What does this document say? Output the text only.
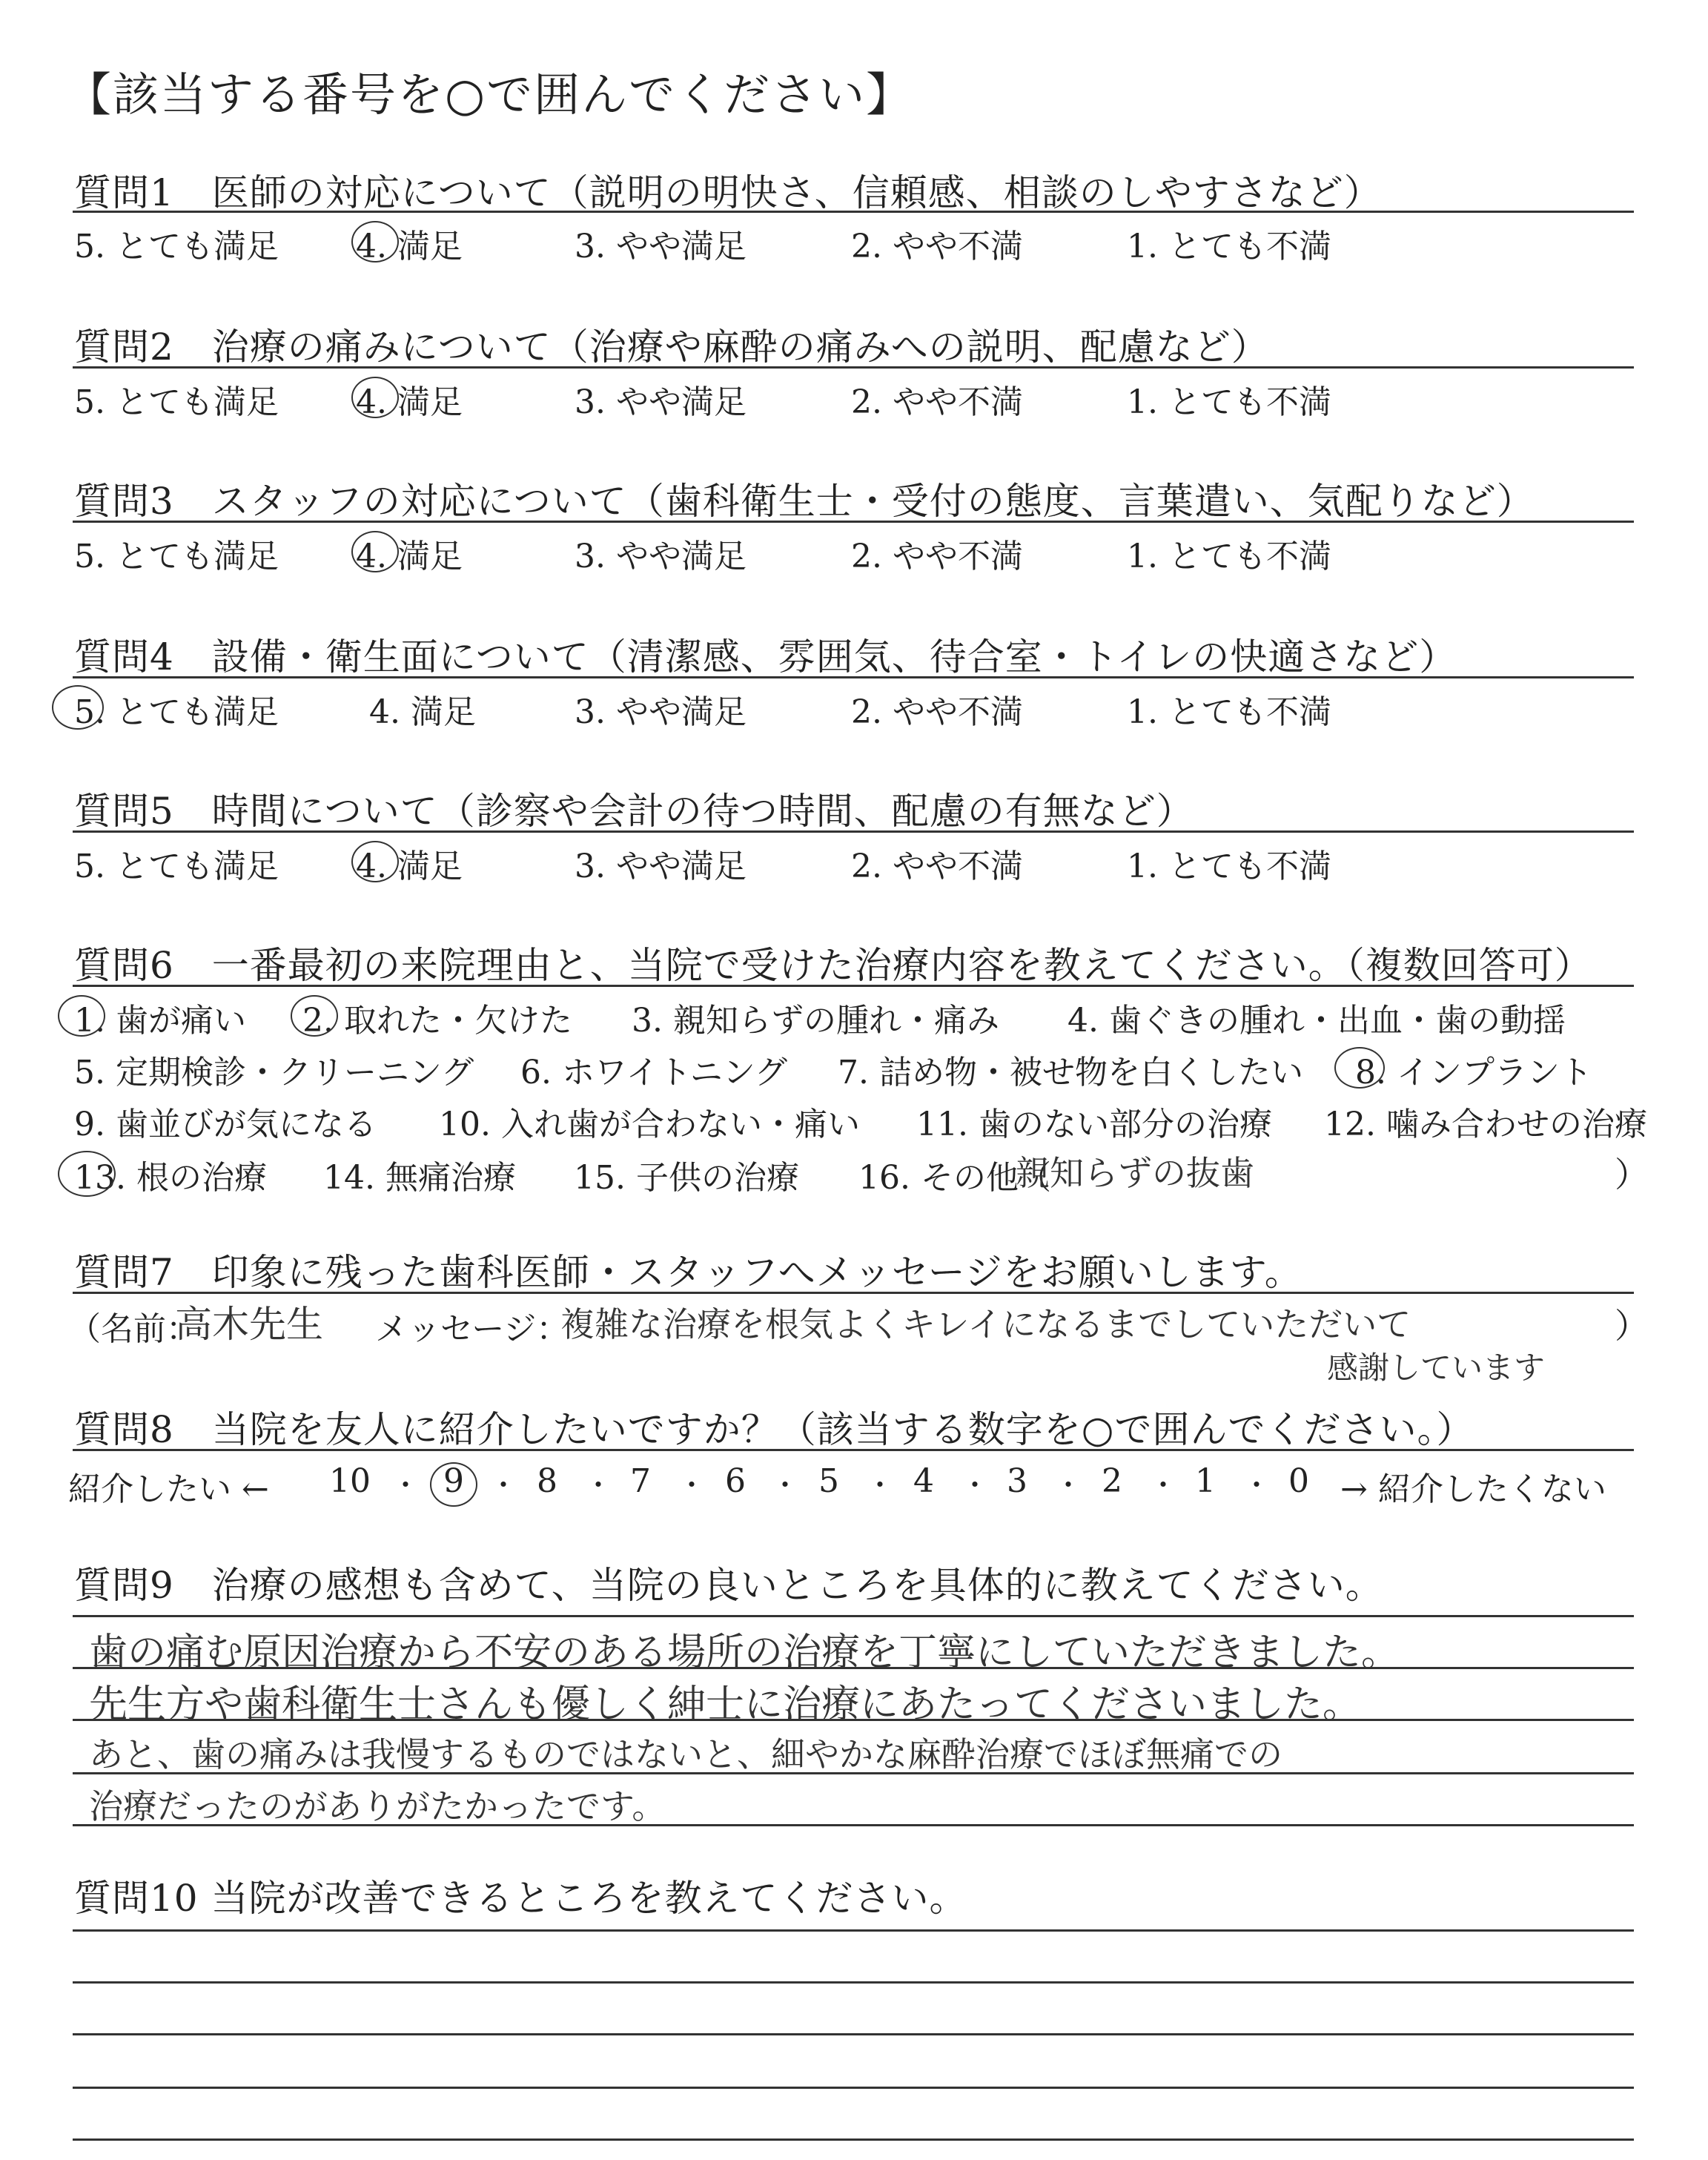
【該当する番号を○で囲んでください】
質問1　医師の対応について（説明の明快さ、信頼感、相談のしやすさなど）
5. とても満足 4. 満足	3. やや満足	2. やや不満	1. とても不満
質問2　治療の痛みについて（治療や麻酔の痛みへの説明、配慮など）
5. とても満足 4. 満足	3. やや満足	2. やや不満	1. とても不満
質問3　スタッフの対応について（歯科衛生士・受付の態度、言葉遣い、気配りなど）
5. とても満足 4. 満足	3. やや満足	2. やや不満	1. とても不満
質問4　設備・衛生面について（清潔感、雰囲気、待合室・トイレの快適さなど）
5. とても満足	4. 満足	3. やや満足	2. やや不満	1. とても不満
質問5　時間について（診察や会計の待つ時間、配慮の有無など）
5. とても満足 4. 満足	3. やや満足	2. やや不満	1. とても不満
質問6　一番最初の来院理由と、当院で受けた治療内容を教えてください。（複数回答可）
1. 歯が痛い 2. 取れた・欠けた 3. 親知らずの腫れ・痛み 4. 歯ぐきの腫れ・出血・歯の動揺
5. 定期検診・クリーニング 6. ホワイトニング 7. 詰め物・被せ物を白くしたい 8. インプラント
9. 歯並びが気になる 10. 入れ歯が合わない・痛い 11. 歯のない部分の治療 12. 噛み合わせの治療
13. 根の治療 14. 無痛治療 15. 子供の治療 16. その他（
親知らずの抜歯	）
質問7　印象に残った歯科医師・スタッフへメッセージをお願いします。
（名前：
高木先生 メッセージ：
複雑な治療を根気よくキレイになるまでしていただいて
感謝しています
）
質問8　当院を友人に紹介したいですか？（該当する数字を○で囲んでください。）
紹介したい ← 10 ・ 9 ・ 8 ・ 7 ・ 6 ・ 5 ・ 4 ・ 3 ・ 2 ・ 1 ・ 0 → 紹介したくない
質問9　治療の感想も含めて、当院の良いところを具体的に教えてください。
歯の痛む原因治療から不安のある場所の治療を丁寧にしていただきました。
先生方や歯科衛生士さんも優しく紳士に治療にあたってくださいました。
あと、歯の痛みは我慢するものではないと、細やかな麻酔治療でほぼ無痛での
治療だったのがありがたかったです。
質問10 当院が改善できるところを教えてください。
